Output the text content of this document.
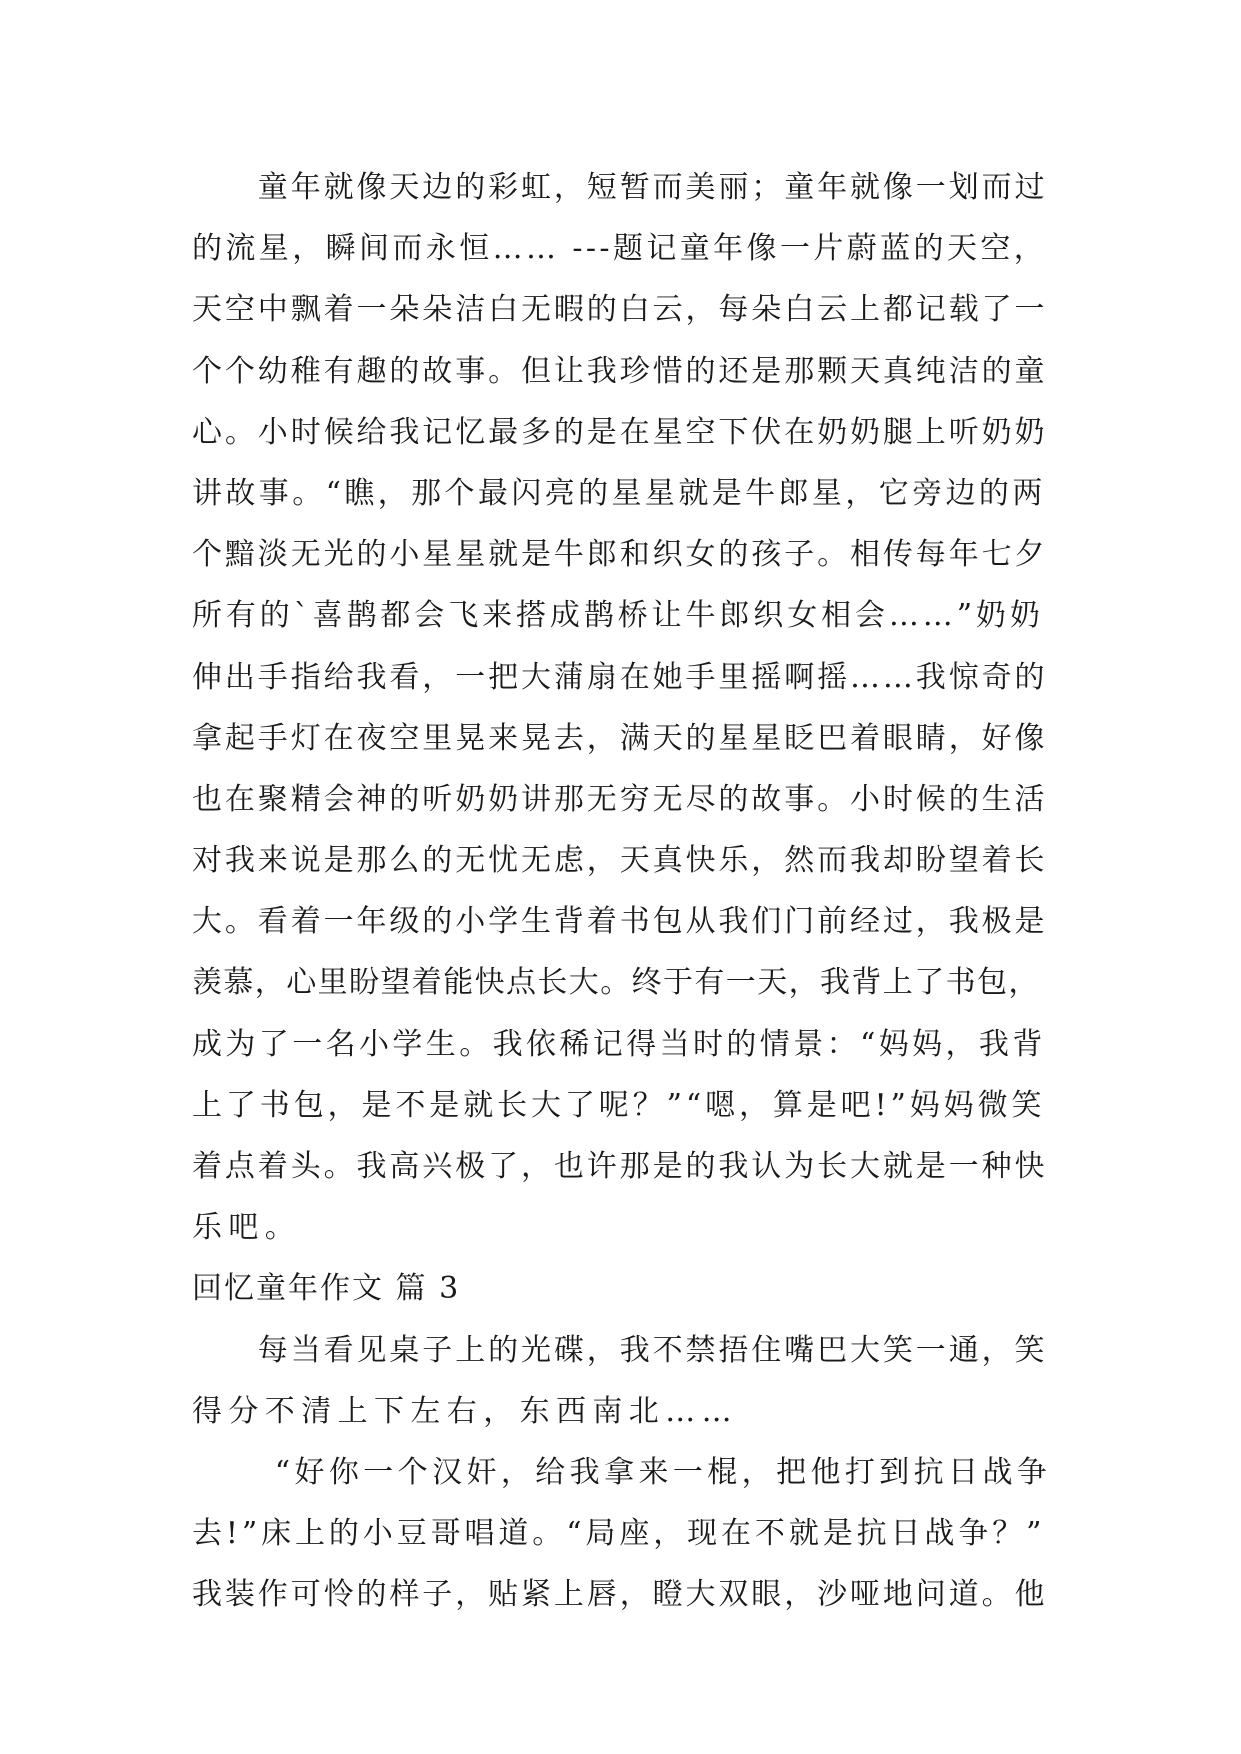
　　童年就像天边的彩虹，短暂而美丽；童年就像一划而过
的流星，瞬间而永恒…… ---题记童年像一片蔚蓝的天空，
天空中飘着一朵朵洁白无暇的白云，每朵白云上都记载了一
个个幼稚有趣的故事。但让我珍惜的还是那颗天真纯洁的童
心。小时候给我记忆最多的是在星空下伏在奶奶腿上听奶奶
讲故事。“瞧，那个最闪亮的星星就是牛郎星，它旁边的两
个黯淡无光的小星星就是牛郎和织女的孩子。相传每年七夕
所有的`喜鹊都会飞来搭成鹊桥让牛郎织女相会……”奶奶
伸出手指给我看，一把大蒲扇在她手里摇啊摇……我惊奇的
拿起手灯在夜空里晃来晃去，满天的星星眨巴着眼睛，好像
也在聚精会神的听奶奶讲那无穷无尽的故事。小时候的生活
对我来说是那么的无忧无虑，天真快乐，然而我却盼望着长
大。看着一年级的小学生背着书包从我们门前经过，我极是
羡慕，心里盼望着能快点长大。终于有一天，我背上了书包，
成为了一名小学生。我依稀记得当时的情景：“妈妈，我背
上了书包，是不是就长大了呢？”“嗯，算是吧!”妈妈微笑
着点着头。我高兴极了，也许那是的我认为长大就是一种快
乐吧。
回忆童年作文 篇 3
　　每当看见桌子上的光碟，我不禁捂住嘴巴大笑一通，笑
得分不清上下左右，东西南北……
　　 “好你一个汉奸，给我拿来一棍，把他打到抗日战争
去!”床上的小豆哥唱道。“局座，现在不就是抗日战争？”
我装作可怜的样子，贴紧上唇，瞪大双眼，沙哑地问道。他
